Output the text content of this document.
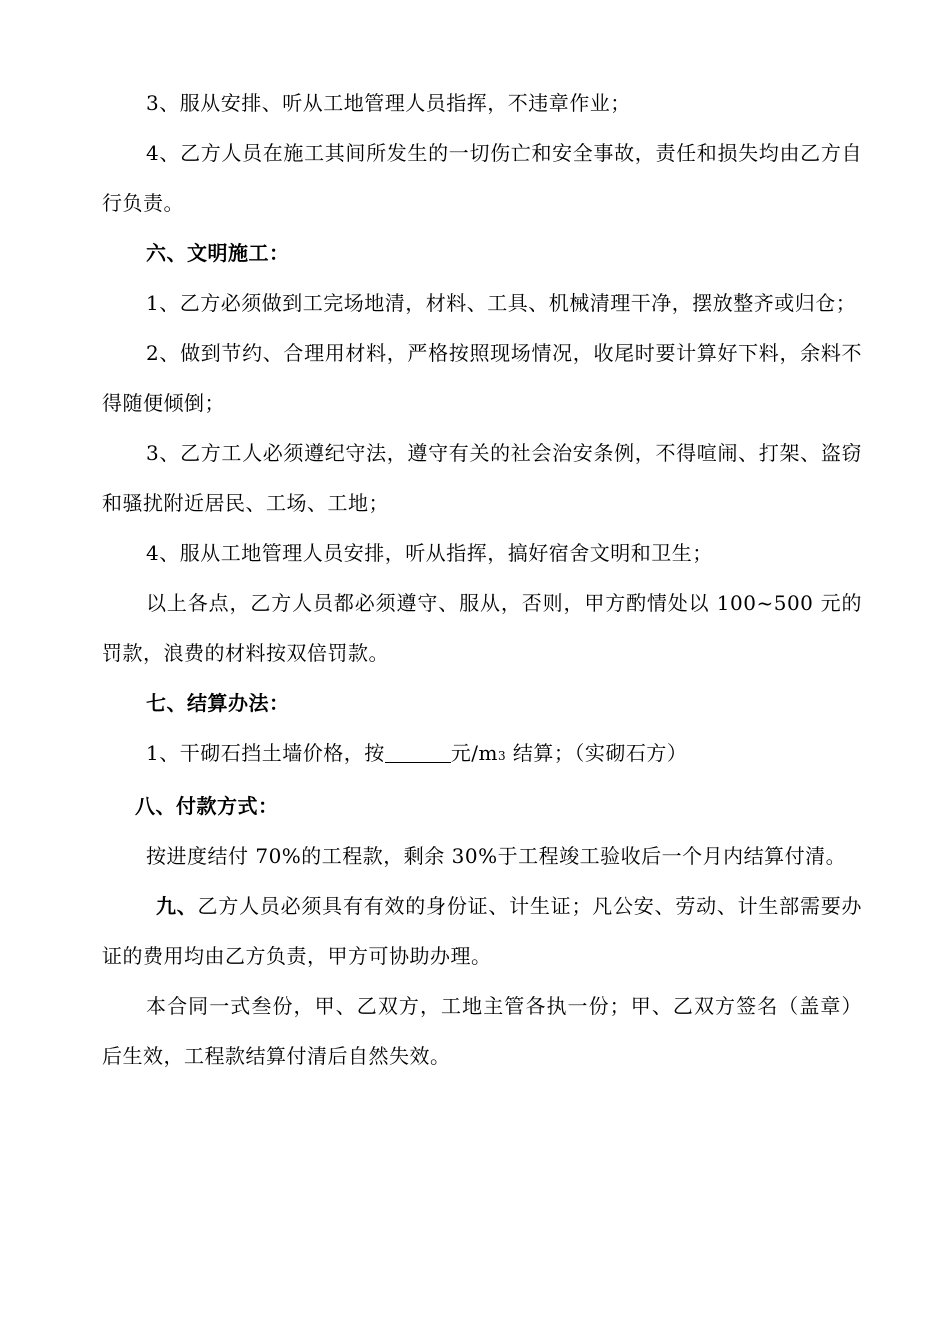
3、服从安排、听从工地管理人员指挥，不违章作业；

4、乙方人员在施工其间所发生的一切伤亡和安全事故，责任和损失均由乙方自行负责。

六、文明施工：

1、乙方必须做到工完场地清，材料、工具、机械清理干净，摆放整齐或归仓；

2、做到节约、合理用材料，严格按照现场情况，收尾时要计算好下料，余料不得随便倾倒；

3、乙方工人必须遵纪守法，遵守有关的社会治安条例，不得喧闹、打架、盗窃和骚扰附近居民、工场、工地；

4、服从工地管理人员安排，听从指挥，搞好宿舍文明和卫生；

以上各点，乙方人员都必须遵守、服从，否则，甲方酌情处以 100~500 元的罚款，浪费的材料按双倍罚款。

七、结算办法：

1、干砌石挡土墙价格，按	元/m3 结算；（实砌石方）

八、付款方式：

按进度结付 70%的工程款，剩余 30%于工程竣工验收后一个月内结算付清。

九、乙方人员必须具有有效的身份证、计生证；凡公安、劳动、计生部需要办证的费用均由乙方负责，甲方可协助办理。

本合同一式叁份，甲、乙双方，工地主管各执一份；甲、乙双方签名（盖章）后生效，工程款结算付清后自然失效。
